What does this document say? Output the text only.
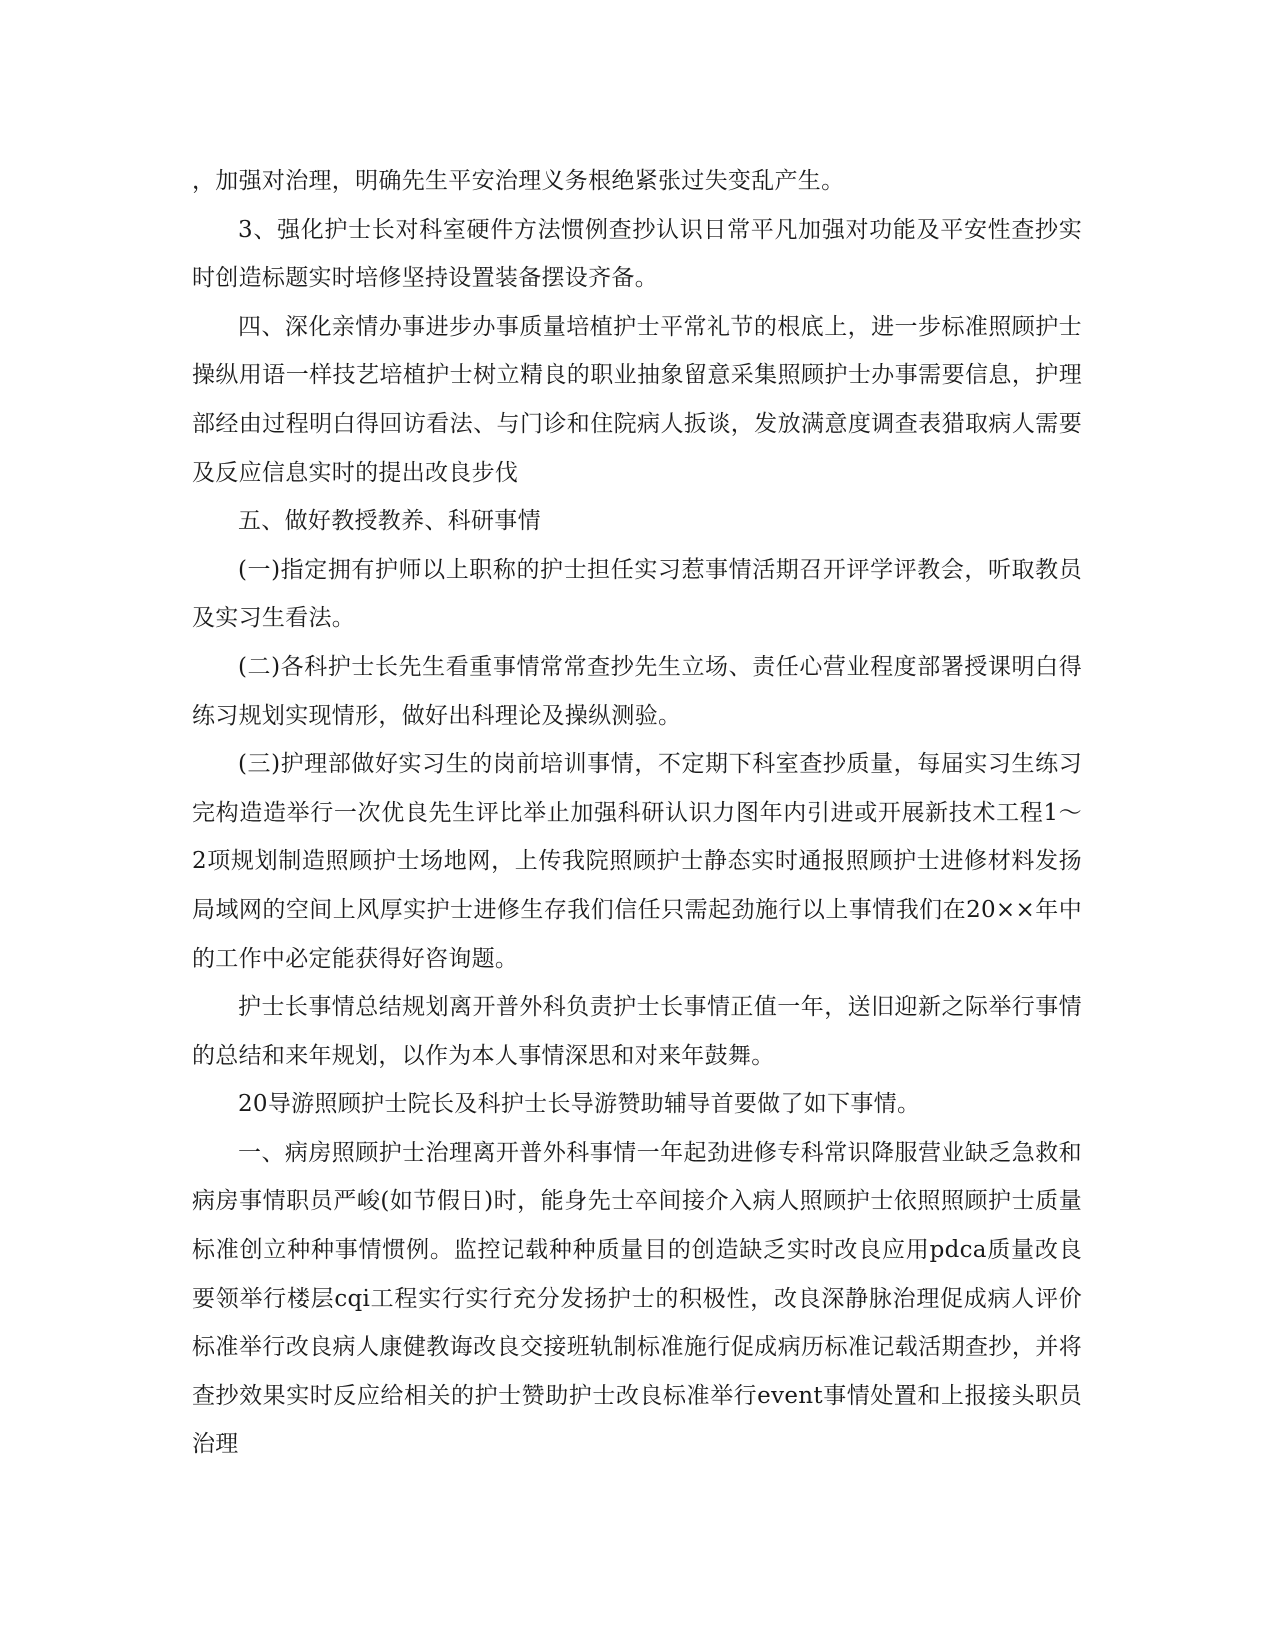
，加强对治理，明确先生平安治理义务根绝紧张过失变乱产生。

3、强化护士长对科室硬件方法惯例查抄认识日常平凡加强对功能及平安性查抄实时创造标题实时培修坚持设置装备摆设齐备。

四、深化亲情办事进步办事质量培植护士平常礼节的根底上，进一步标准照顾护士操纵用语一样技艺培植护士树立精良的职业抽象留意采集照顾护士办事需要信息，护理部经由过程明白得回访看法、与门诊和住院病人扳谈，发放满意度调查表猎取病人需要及反应信息实时的提出改良步伐

五、做好教授教养、科研事情

(一)指定拥有护师以上职称的护士担任实习惹事情活期召开评学评教会，听取教员及实习生看法。

(二)各科护士长先生看重事情常常查抄先生立场、责任心营业程度部署授课明白得练习规划实现情形，做好出科理论及操纵测验。

(三)护理部做好实习生的岗前培训事情，不定期下科室查抄质量，每届实习生练习完构造造举行一次优良先生评比举止加强科研认识力图年内引进或开展新技术工程1～2项规划制造照顾护士场地网，上传我院照顾护士静态实时通报照顾护士进修材料发扬局域网的空间上风厚实护士进修生存我们信任只需起劲施行以上事情我们在20××年中的工作中必定能获得好咨询题。

护士长事情总结规划离开普外科负责护士长事情正值一年，送旧迎新之际举行事情的总结和来年规划，以作为本人事情深思和对来年鼓舞。

20导游照顾护士院长及科护士长导游赞助辅导首要做了如下事情。

一、病房照顾护士治理离开普外科事情一年起劲进修专科常识降服营业缺乏急救和病房事情职员严峻(如节假日)时，能身先士卒间接介入病人照顾护士依照照顾护士质量标准创立种种事情惯例。监控记载种种质量目的创造缺乏实时改良应用pdca质量改良要领举行楼层cqi工程实行实行充分发扬护士的积极性，改良深静脉治理促成病人评价标准举行改良病人康健教诲改良交接班轨制标准施行促成病历标准记载活期查抄，并将查抄效果实时反应给相关的护士赞助护士改良标准举行event事情处置和上报接头职员治理
